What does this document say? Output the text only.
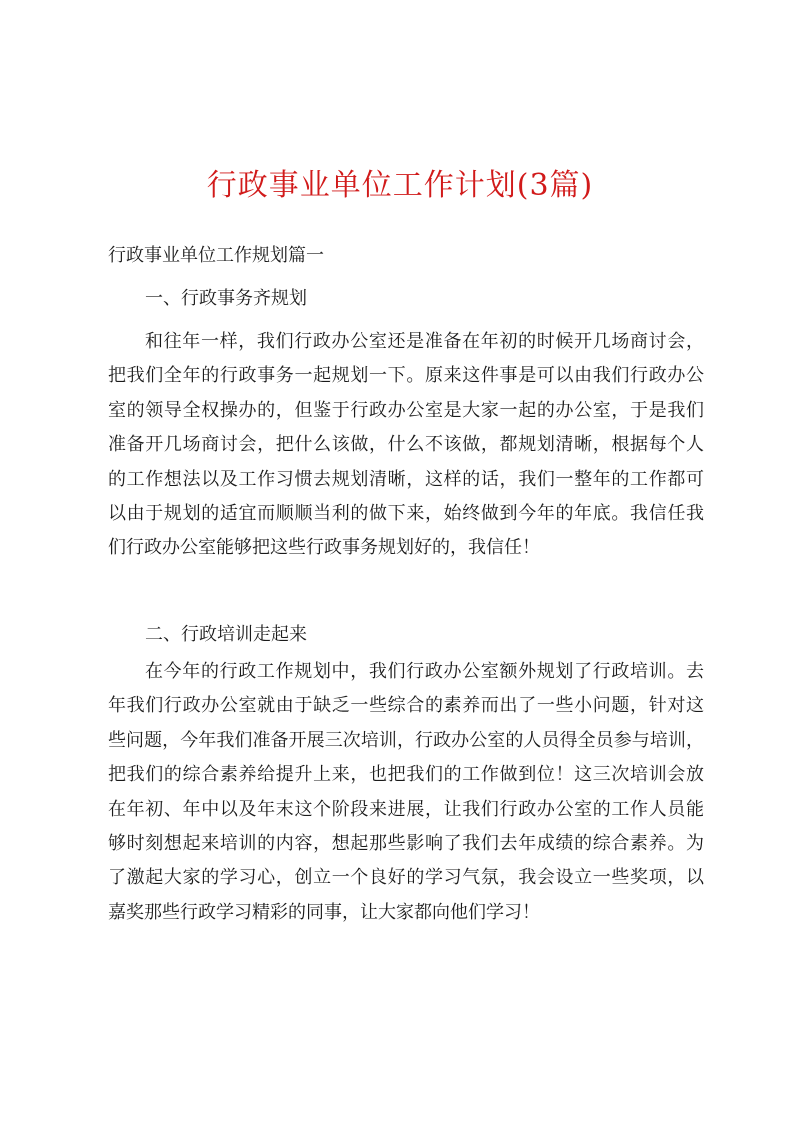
行政事业单位工作计划(3篇)

行政事业单位工作规划篇一

一、行政事务齐规划

和往年一样，我们行政办公室还是准备在年初的时候开几场商讨会，
把我们全年的行政事务一起规划一下。原来这件事是可以由我们行政办公
室的领导全权操办的，但鉴于行政办公室是大家一起的办公室，于是我们
准备开几场商讨会，把什么该做，什么不该做，都规划清晰，根据每个人
的工作想法以及工作习惯去规划清晰，这样的话，我们一整年的工作都可
以由于规划的适宜而顺顺当利的做下来，始终做到今年的年底。我信任我
们行政办公室能够把这些行政事务规划好的，我信任！

二、行政培训走起来

在今年的行政工作规划中，我们行政办公室额外规划了行政培训。去
年我们行政办公室就由于缺乏一些综合的素养而出了一些小问题，针对这
些问题，今年我们准备开展三次培训，行政办公室的人员得全员参与培训，
把我们的综合素养给提升上来，也把我们的工作做到位！这三次培训会放
在年初、年中以及年末这个阶段来进展，让我们行政办公室的工作人员能
够时刻想起来培训的内容，想起那些影响了我们去年成绩的综合素养。为
了激起大家的学习心，创立一个良好的学习气氛，我会设立一些奖项，以
嘉奖那些行政学习精彩的同事，让大家都向他们学习！
